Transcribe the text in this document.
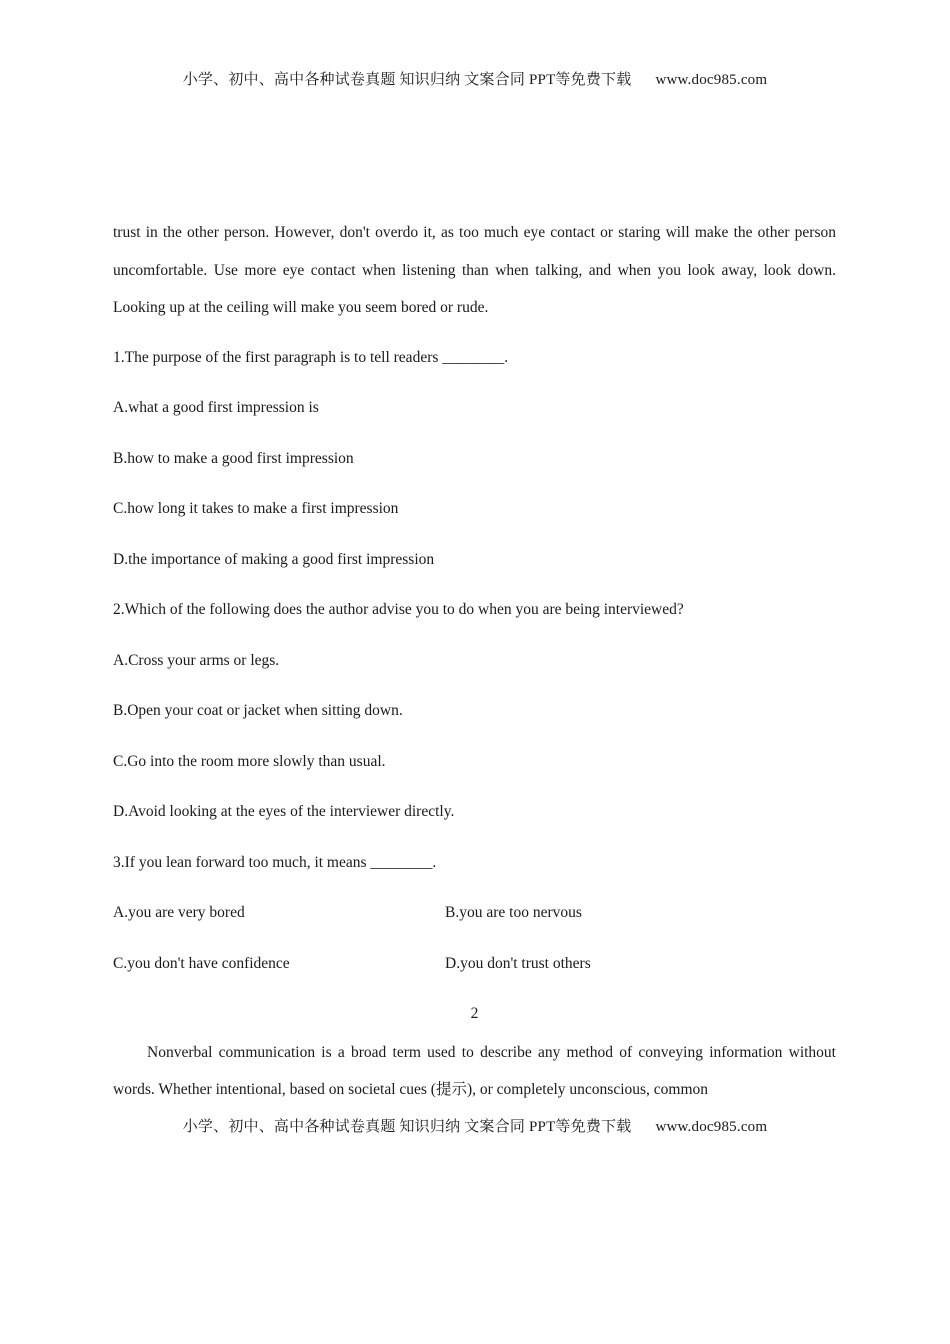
小学、初中、高中各种试卷真题 知识归纳 文案合同 PPT等免费下载 www.doc985.com

trust in the other person. However, don't overdo it, as too much eye contact or staring will make the other person uncomfortable. Use more eye contact when listening than when talking, and when you look away, look down. Looking up at the ceiling will make you seem bored or rude.

1.The purpose of the first paragraph is to tell readers ________.
A.what a good first impression is
B.how to make a good first impression
C.how long it takes to make a first impression
D.the importance of making a good first impression
2.Which of the following does the author advise you to do when you are being interviewed?
A.Cross your arms or legs.
B.Open your coat or jacket when sitting down.
C.Go into the room more slowly than usual.
D.Avoid looking at the eyes of the interviewer directly.
3.If you lean forward too much, it means ________.
A.you are very bored	B.you are too nervous
C.you don't have confidence	D.you don't trust others
2

Nonverbal communication is a broad term used to describe any method of conveying information without words. Whether intentional, based on societal cues (提示), or completely unconscious, common

小学、初中、高中各种试卷真题 知识归纳 文案合同 PPT等免费下载 www.doc985.com
